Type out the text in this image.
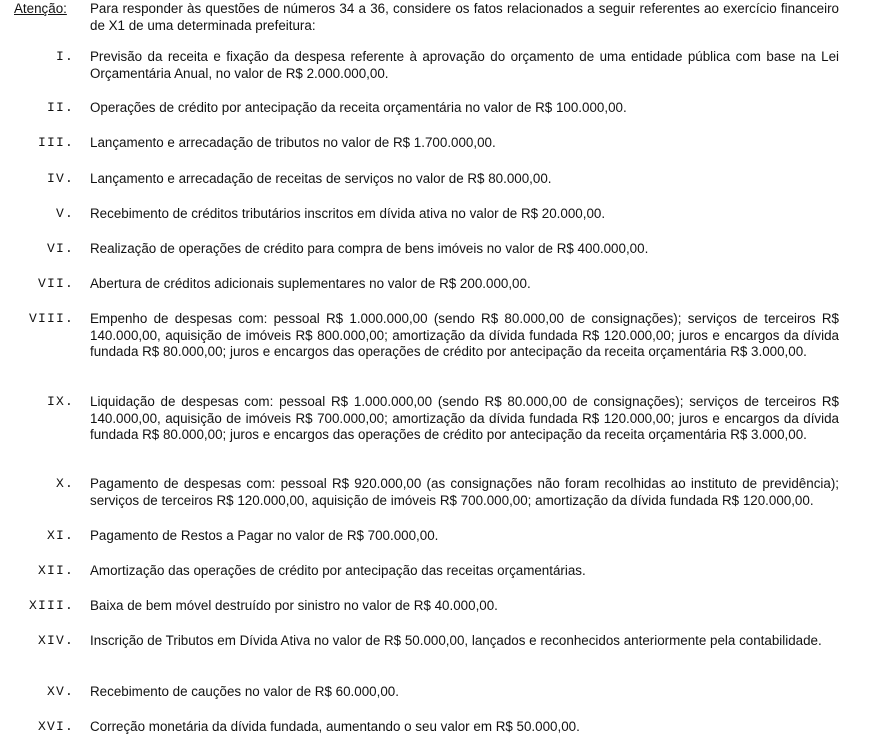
Atenção: Para responder às questões de números 34 a 36, considere os fatos relacionados a seguir referentes ao exercício financeiro de X1 de uma determinada prefeitura:
I. Previsão da receita e fixação da despesa referente à aprovação do orçamento de uma entidade pública com base na Lei Orçamentária Anual, no valor de R$ 2.000.000,00.
II. Operações de crédito por antecipação da receita orçamentária no valor de R$ 100.000,00.
III. Lançamento e arrecadação de tributos no valor de R$ 1.700.000,00.
IV. Lançamento e arrecadação de receitas de serviços no valor de R$ 80.000,00.
V. Recebimento de créditos tributários inscritos em dívida ativa no valor de R$ 20.000,00.
VI. Realização de operações de crédito para compra de bens imóveis no valor de R$ 400.000,00.
VII. Abertura de créditos adicionais suplementares no valor de R$ 200.000,00.
VIII. Empenho de despesas com: pessoal R$ 1.000.000,00 (sendo R$ 80.000,00 de consignações); serviços de terceiros R$ 140.000,00, aquisição de imóveis R$ 800.000,00; amortização da dívida fundada R$ 120.000,00; juros e encargos da dívida fundada R$ 80.000,00; juros e encargos das operações de crédito por antecipação da receita orçamentária R$ 3.000,00.
IX. Liquidação de despesas com: pessoal R$ 1.000.000,00 (sendo R$ 80.000,00 de consignações); serviços de terceiros R$ 140.000,00, aquisição de imóveis R$ 700.000,00; amortização da dívida fundada R$ 120.000,00; juros e encargos da dívida fundada R$ 80.000,00; juros e encargos das operações de crédito por antecipação da receita orçamentária R$ 3.000,00.
X. Pagamento de despesas com: pessoal R$ 920.000,00 (as consignações não foram recolhidas ao instituto de previdência); serviços de terceiros R$ 120.000,00, aquisição de imóveis R$ 700.000,00; amortização da dívida fundada R$ 120.000,00.
XI. Pagamento de Restos a Pagar no valor de R$ 700.000,00.
XII. Amortização das operações de crédito por antecipação das receitas orçamentárias.
XIII. Baixa de bem móvel destruído por sinistro no valor de R$ 40.000,00.
XIV. Inscrição de Tributos em Dívida Ativa no valor de R$ 50.000,00, lançados e reconhecidos anteriormente pela contabilidade.
XV. Recebimento de cauções no valor de R$ 60.000,00.
XVI. Correção monetária da dívida fundada, aumentando o seu valor em R$ 50.000,00.
